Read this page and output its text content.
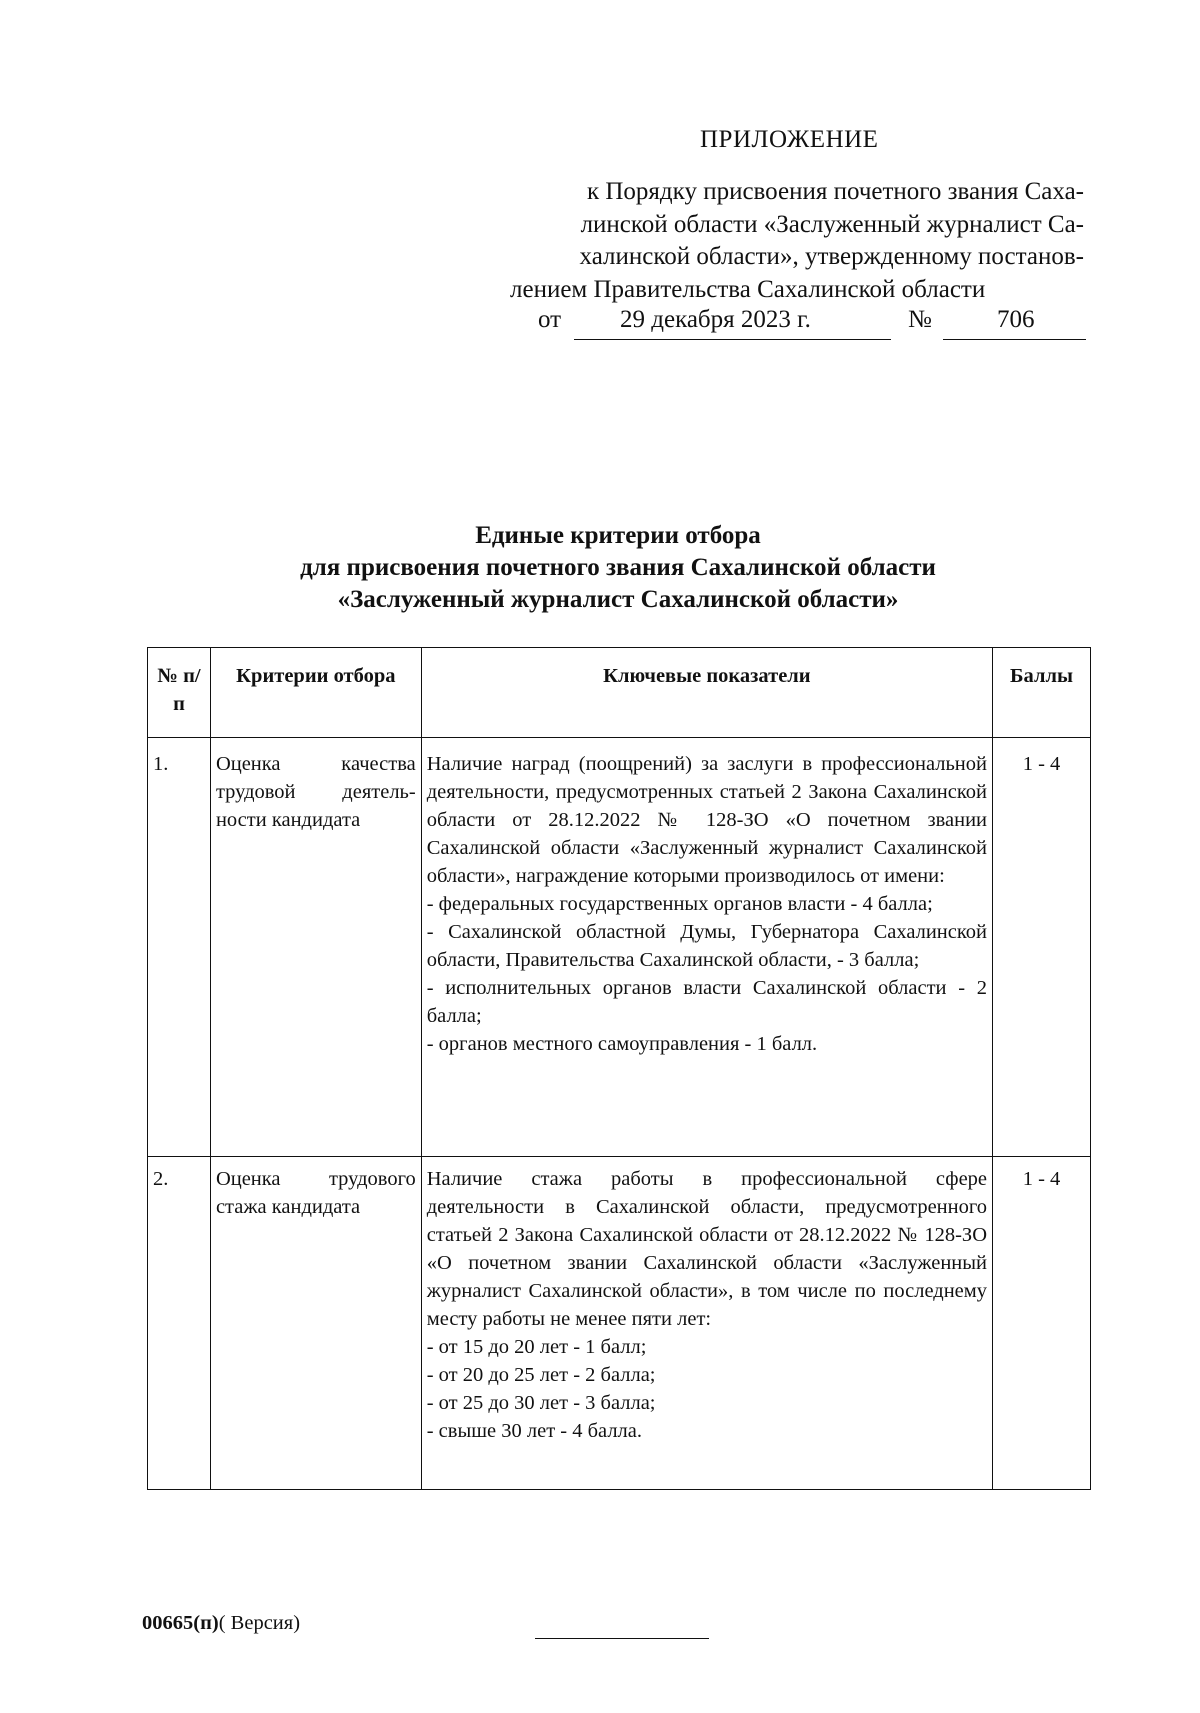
ПРИЛОЖЕНИЕ
к Порядку присвоения почетного звания Саха-
линской области «Заслуженный журналист Са-
халинской области», утвержденному постанов-
лением Правительства Сахалинской области
от 29 декабря 2023 г.	№	706
Единые критерии отбора
для присвоения почетного звания Сахалинской области
«Заслуженный журналист Сахалинской области»
№ п/п	Критерии отбора	Ключевые показатели	Баллы
1.	Оценка качества трудовой деятель-ности кандидата	Наличие наград (поощрений) за заслуги в профессиональной деятельности, предусмотренных статьей 2 Закона Сахалинской области от 28.12.2022 № 128-ЗО «О почетном звании Сахалинской области «Заслуженный журналист Сахалинской области», награждение которыми производилось от имени:
- федеральных государственных органов власти - 4 балла;
- Сахалинской областной Думы, Губернатора Сахалинской области, Правительства Сахалинской области, - 3 балла;
- исполнительных органов власти Сахалинской области - 2 балла;
- органов местного самоуправления - 1 балл.	1 - 4
2.	Оценка трудового стажа кандидата	Наличие стажа работы в профессиональной сфере деятельности в Сахалинской области, предусмотренного статьей 2 Закона Сахалинской области от 28.12.2022 № 128-ЗО «О почетном звании Сахалинской области «Заслуженный журналист Сахалинской области», в том числе по последнему месту работы не менее пяти лет:
- от 15 до 20 лет - 1 балл;
- от 20 до 25 лет - 2 балла;
- от 25 до 30 лет - 3 балла;
- свыше 30 лет - 4 балла.	1 - 4
00665(п)( Версия)
